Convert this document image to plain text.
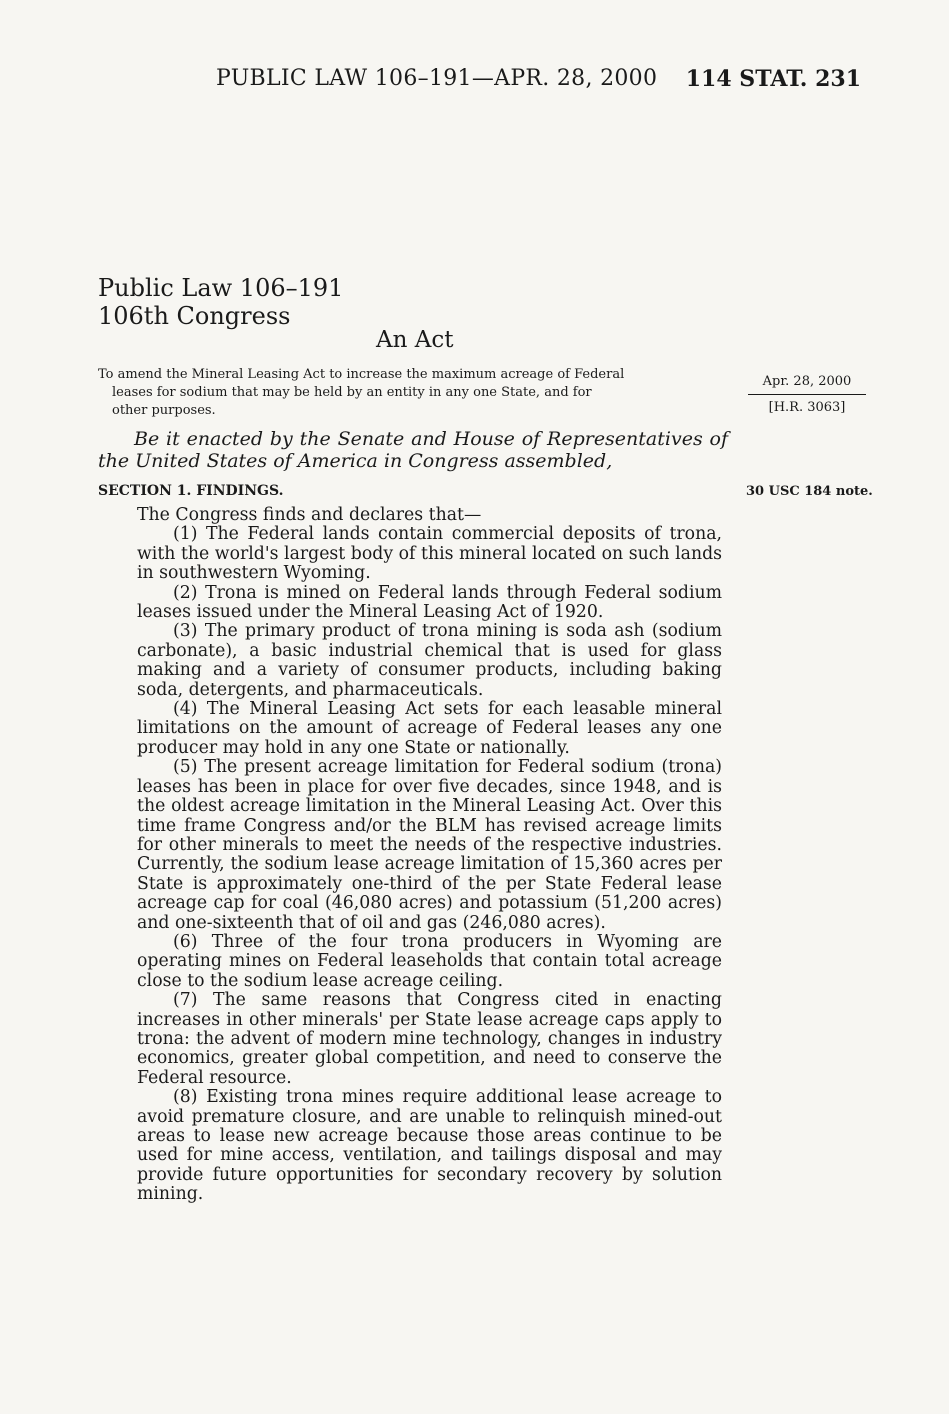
PUBLIC LAW 106–191—APR. 28, 2000 114 STAT. 231
Public Law 106–191
106th Congress
An Act
To amend the Mineral Leasing Act to increase the maximum acreage of Federal
leases for sodium that may be held by an entity in any one State, and for
other purposes.
Apr. 28, 2000
[H.R. 3063]
Be it enacted by the Senate and House of Representatives of the United States of America in Congress assembled,
SECTION 1. FINDINGS.	30 USC 184 note.

The Congress finds and declares that—

(1) The Federal lands contain commercial deposits of trona, with the world's largest body of this mineral located on such lands in southwestern Wyoming.

(2) Trona is mined on Federal lands through Federal sodium leases issued under the Mineral Leasing Act of 1920.

(3) The primary product of trona mining is soda ash (sodium carbonate), a basic industrial chemical that is used for glass making and a variety of consumer products, including baking soda, detergents, and pharmaceuticals.

(4) The Mineral Leasing Act sets for each leasable mineral limitations on the amount of acreage of Federal leases any one producer may hold in any one State or nationally.

(5) The present acreage limitation for Federal sodium (trona) leases has been in place for over five decades, since 1948, and is the oldest acreage limitation in the Mineral Leasing Act. Over this time frame Congress and/or the BLM has revised acreage limits for other minerals to meet the needs of the respective industries. Currently, the sodium lease acreage limitation of 15,360 acres per State is approximately one-third of the per State Federal lease acreage cap for coal (46,080 acres) and potassium (51,200 acres) and one-sixteenth that of oil and gas (246,080 acres).

(6) Three of the four trona producers in Wyoming are operating mines on Federal leaseholds that contain total acreage close to the sodium lease acreage ceiling.

(7) The same reasons that Congress cited in enacting increases in other minerals' per State lease acreage caps apply to trona: the advent of modern mine technology, changes in industry economics, greater global competition, and need to conserve the Federal resource.

(8) Existing trona mines require additional lease acreage to avoid premature closure, and are unable to relinquish mined-out areas to lease new acreage because those areas continue to be used for mine access, ventilation, and tailings disposal and may provide future opportunities for secondary recovery by solution mining.
